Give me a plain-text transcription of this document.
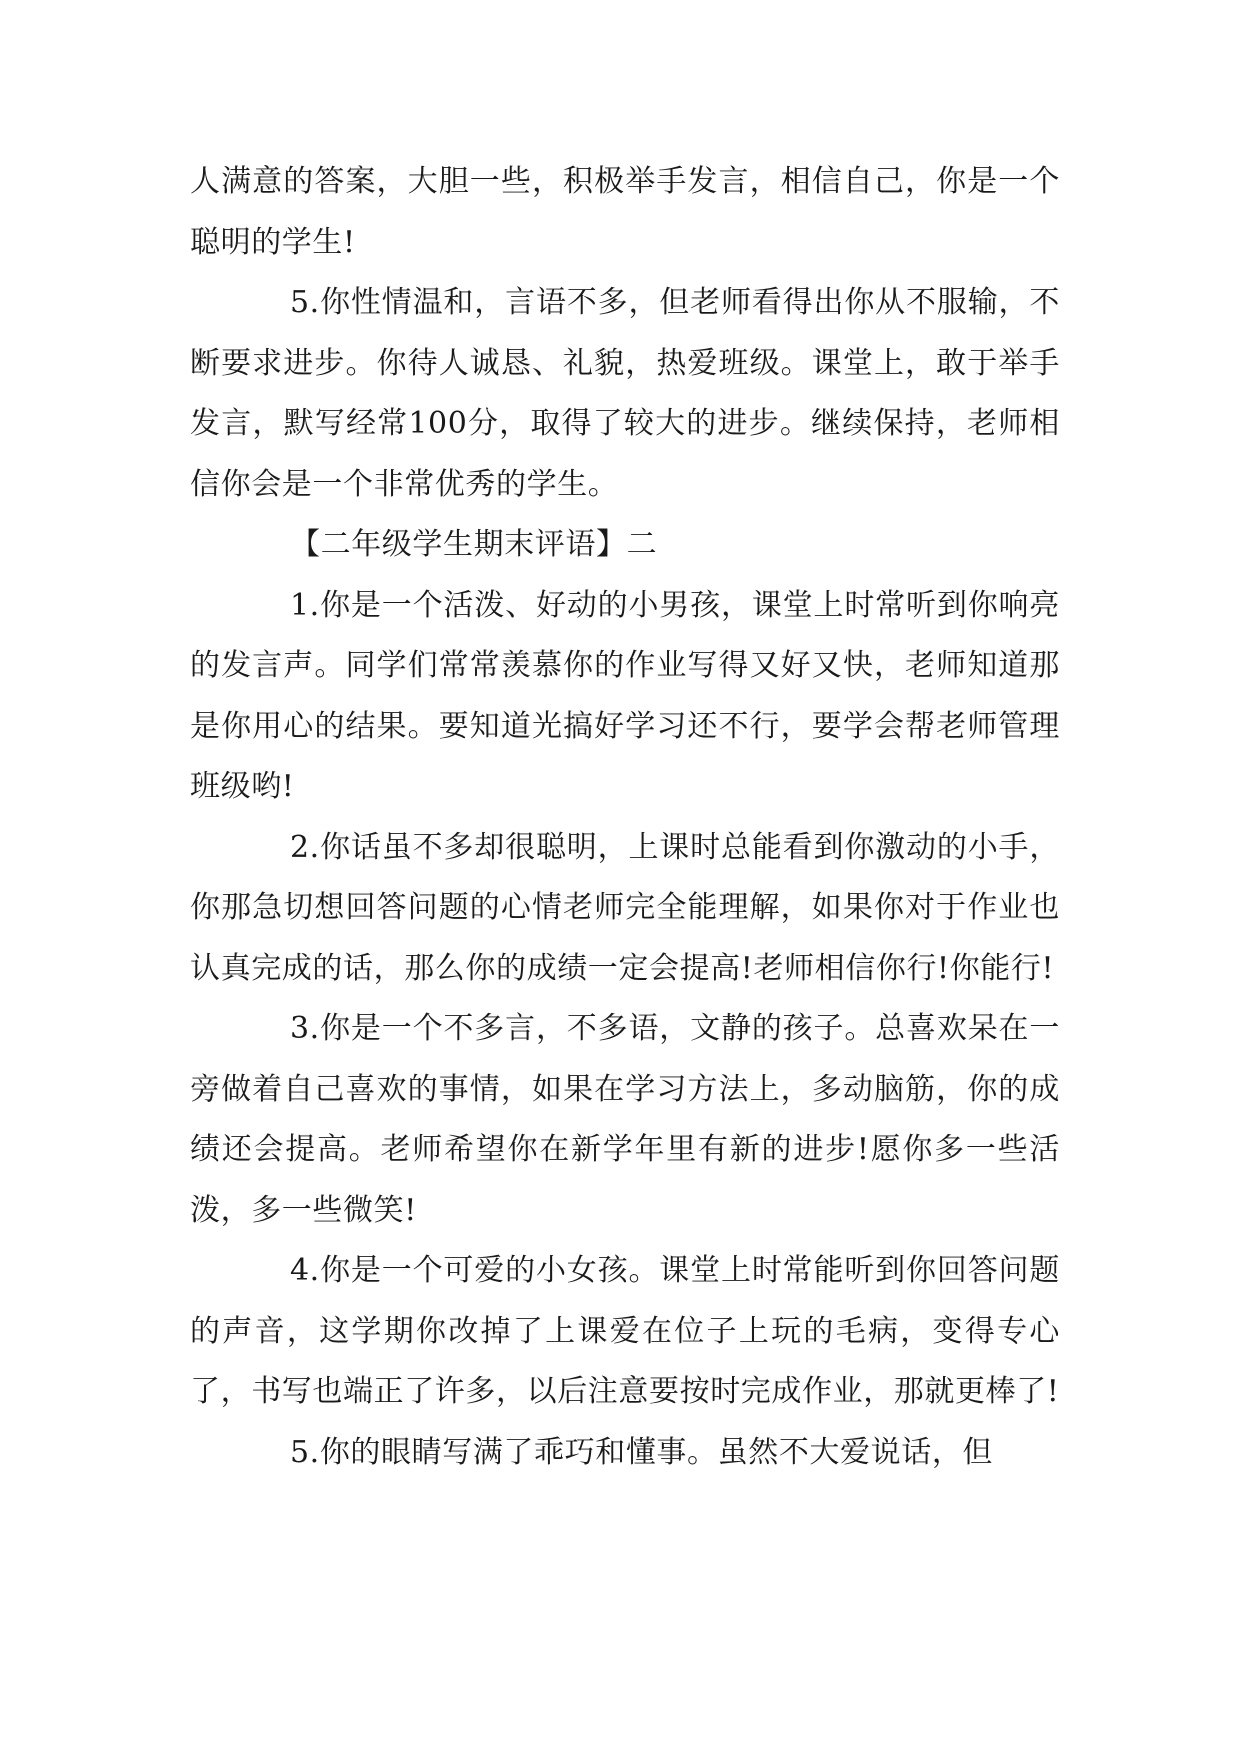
人满意的答案，大胆一些，积极举手发言，相信自己，你是一个聪明的学生!

5.你性情温和，言语不多，但老师看得出你从不服输，不断要求进步。你待人诚恳、礼貌，热爱班级。课堂上，敢于举手发言，默写经常100分，取得了较大的进步。继续保持，老师相信你会是一个非常优秀的学生。

【二年级学生期末评语】二

1.你是一个活泼、好动的小男孩，课堂上时常听到你响亮的发言声。同学们常常羡慕你的作业写得又好又快，老师知道那是你用心的结果。要知道光搞好学习还不行，要学会帮老师管理班级哟!

2.你话虽不多却很聪明，上课时总能看到你激动的小手，你那急切想回答问题的心情老师完全能理解，如果你对于作业也认真完成的话，那么你的成绩一定会提高!老师相信你行!你能行!

3.你是一个不多言，不多语，文静的孩子。总喜欢呆在一旁做着自己喜欢的事情，如果在学习方法上，多动脑筋，你的成绩还会提高。老师希望你在新学年里有新的进步!愿你多一些活泼，多一些微笑!

4.你是一个可爱的小女孩。课堂上时常能听到你回答问题的声音，这学期你改掉了上课爱在位子上玩的毛病，变得专心了，书写也端正了许多，以后注意要按时完成作业，那就更棒了!

5.你的眼睛写满了乖巧和懂事。虽然不大爱说话，但
